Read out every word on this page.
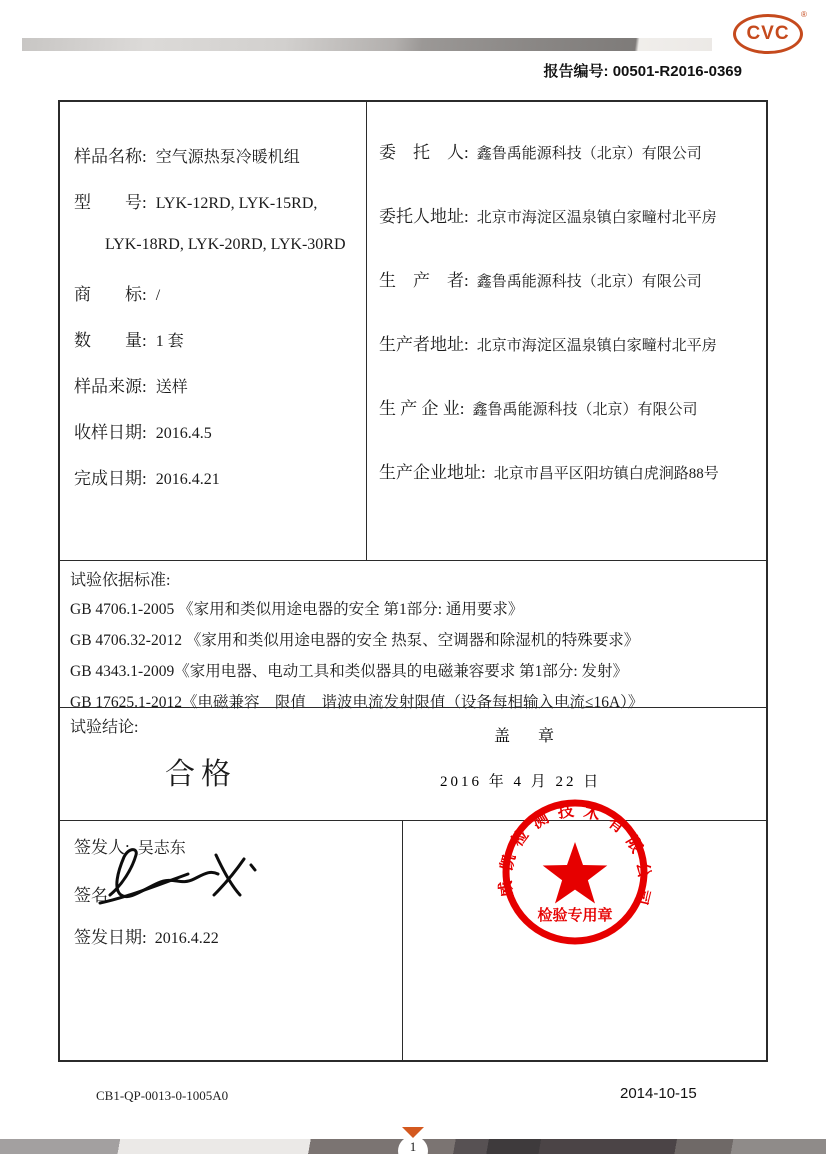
CVC
®
报告编号: 00501-R2016-0369
样品名称: 空气源热泵冷暖机组
型　　号: LYK-12RD, LYK-15RD,
LYK-18RD, LYK-20RD, LYK-30RD
商　　标: /
数　　量: 1 套
样品来源: 送样
收样日期: 2016.4.5
完成日期: 2016.4.21
委　托　人: 鑫鲁禹能源科技（北京）有限公司
委托人地址: 北京市海淀区温泉镇白家疃村北平房
生　产　者: 鑫鲁禹能源科技（北京）有限公司
生产者地址: 北京市海淀区温泉镇白家疃村北平房
生 产 企 业: 鑫鲁禹能源科技（北京）有限公司
生产企业地址: 北京市昌平区阳坊镇白虎涧路88号
试验依据标准:
GB 4706.1-2005 《家用和类似用途电器的安全 第1部分: 通用要求》
GB 4706.32-2012 《家用和类似用途电器的安全 热泵、空调器和除湿机的特殊要求》
GB 4343.1-2009《家用电器、电动工具和类似器具的电磁兼容要求 第1部分: 发射》
GB 17625.1-2012《电磁兼容　限值　谐波电流发射限值（设备每相输入电流≤16A）》
试验结论:
合格
签发人: 吴志东
签名:
签发日期: 2016.4.22
威凯检测技术有限公司
检验专用章
盖章
2016 年 4 月 22 日
CB1-QP-0013-0-1005A0	2014-10-15
1
